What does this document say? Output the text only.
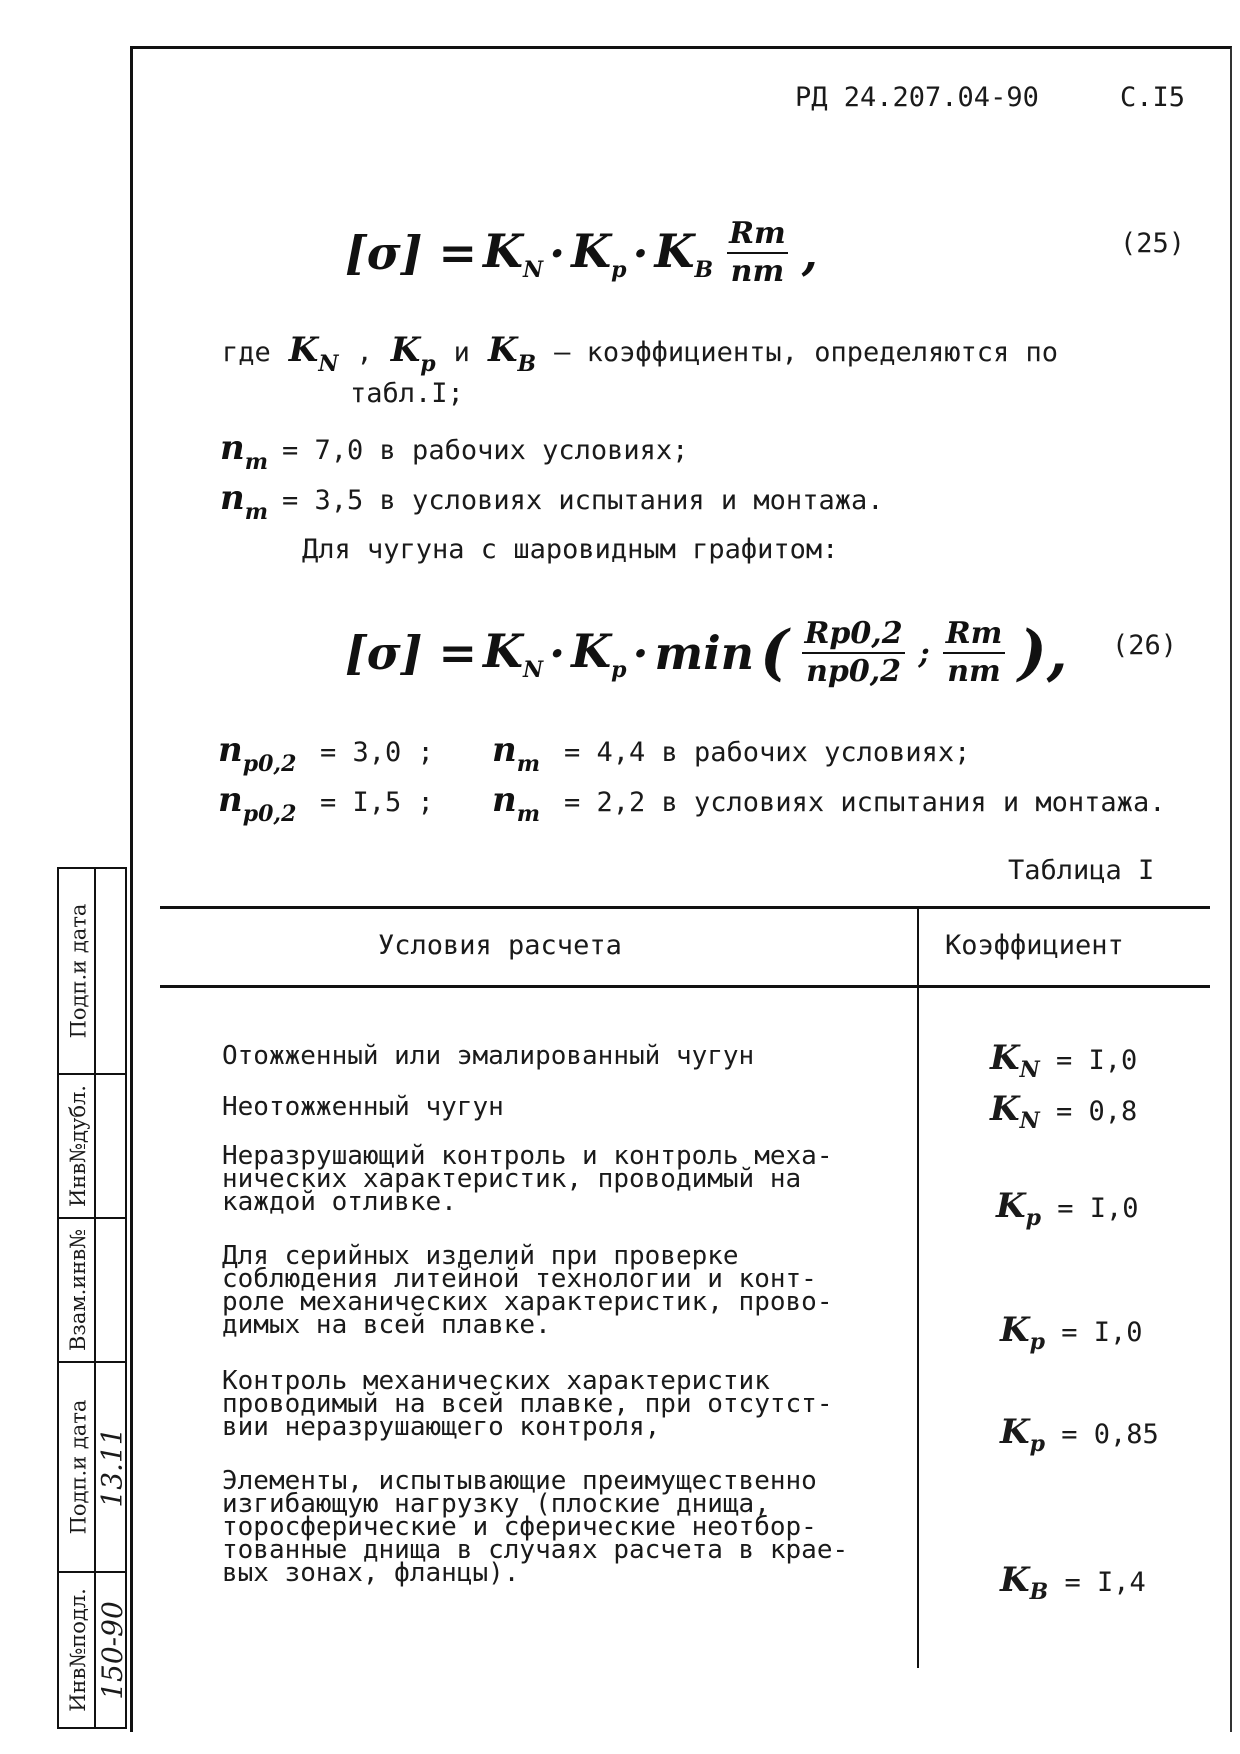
РД 24.207.04-90	С.I5
$[\sigma] = K_N \cdot K_p \cdot K_B \frac{Rm}{nm}$ ,	(25)
где $K_N$ , $K_p$ и $K_B$ – коэффициенты, определяются по
табл.I;
$n_m = 7,0$ в рабочих условиях;
$n_m = 3,5$ в условиях испытания и монтажа.
Для чугуна с шаровидным графитом:
$[\sigma] = K_N \cdot K_p \cdot \min$ ( $\frac{Rp0,2}{np0,2}$ ; $\frac{Rm}{nm}$ ), (26)
$n_{p0,2} = 3,0$ ;	$n_m = 4,4$ в рабочих условиях;
$n_{p0,2} = I,5$ ;	$n_m = 2,2$ в условиях испытания и монтажа.
Таблица I
Условия расчета	Коэффициент
Отожженный или эмалированный чугун	$K_N = I,0$
Неотожженный чугун	$K_N = 0,8$
Неразрушающий контроль и контроль меха-
нических характеристик, проводимый на
каждой отливке.	$K_p = I,0$
Для серийных изделий при проверке
соблюдения литейной технологии и конт-
роле механических характеристик, прово-
димых на всей плавке.	$K_p = I,0$
Контроль механических характеристик
проводимый на всей плавке, при отсутст-
вии неразрушающего контроля,	$K_p = 0,85$
Элементы, испытывающие преимущественно
изгибающую нагрузку (плоские днища,
торосферические и сферические неотбор-
тованные днища в случаях расчета в крае-
вых зонах, фланцы).	$K_B = I,4$
Подп.и дата
Инв№дубл.
Взам.инв№
Подп.и дата 13.11
Инв№подл. 150-90
